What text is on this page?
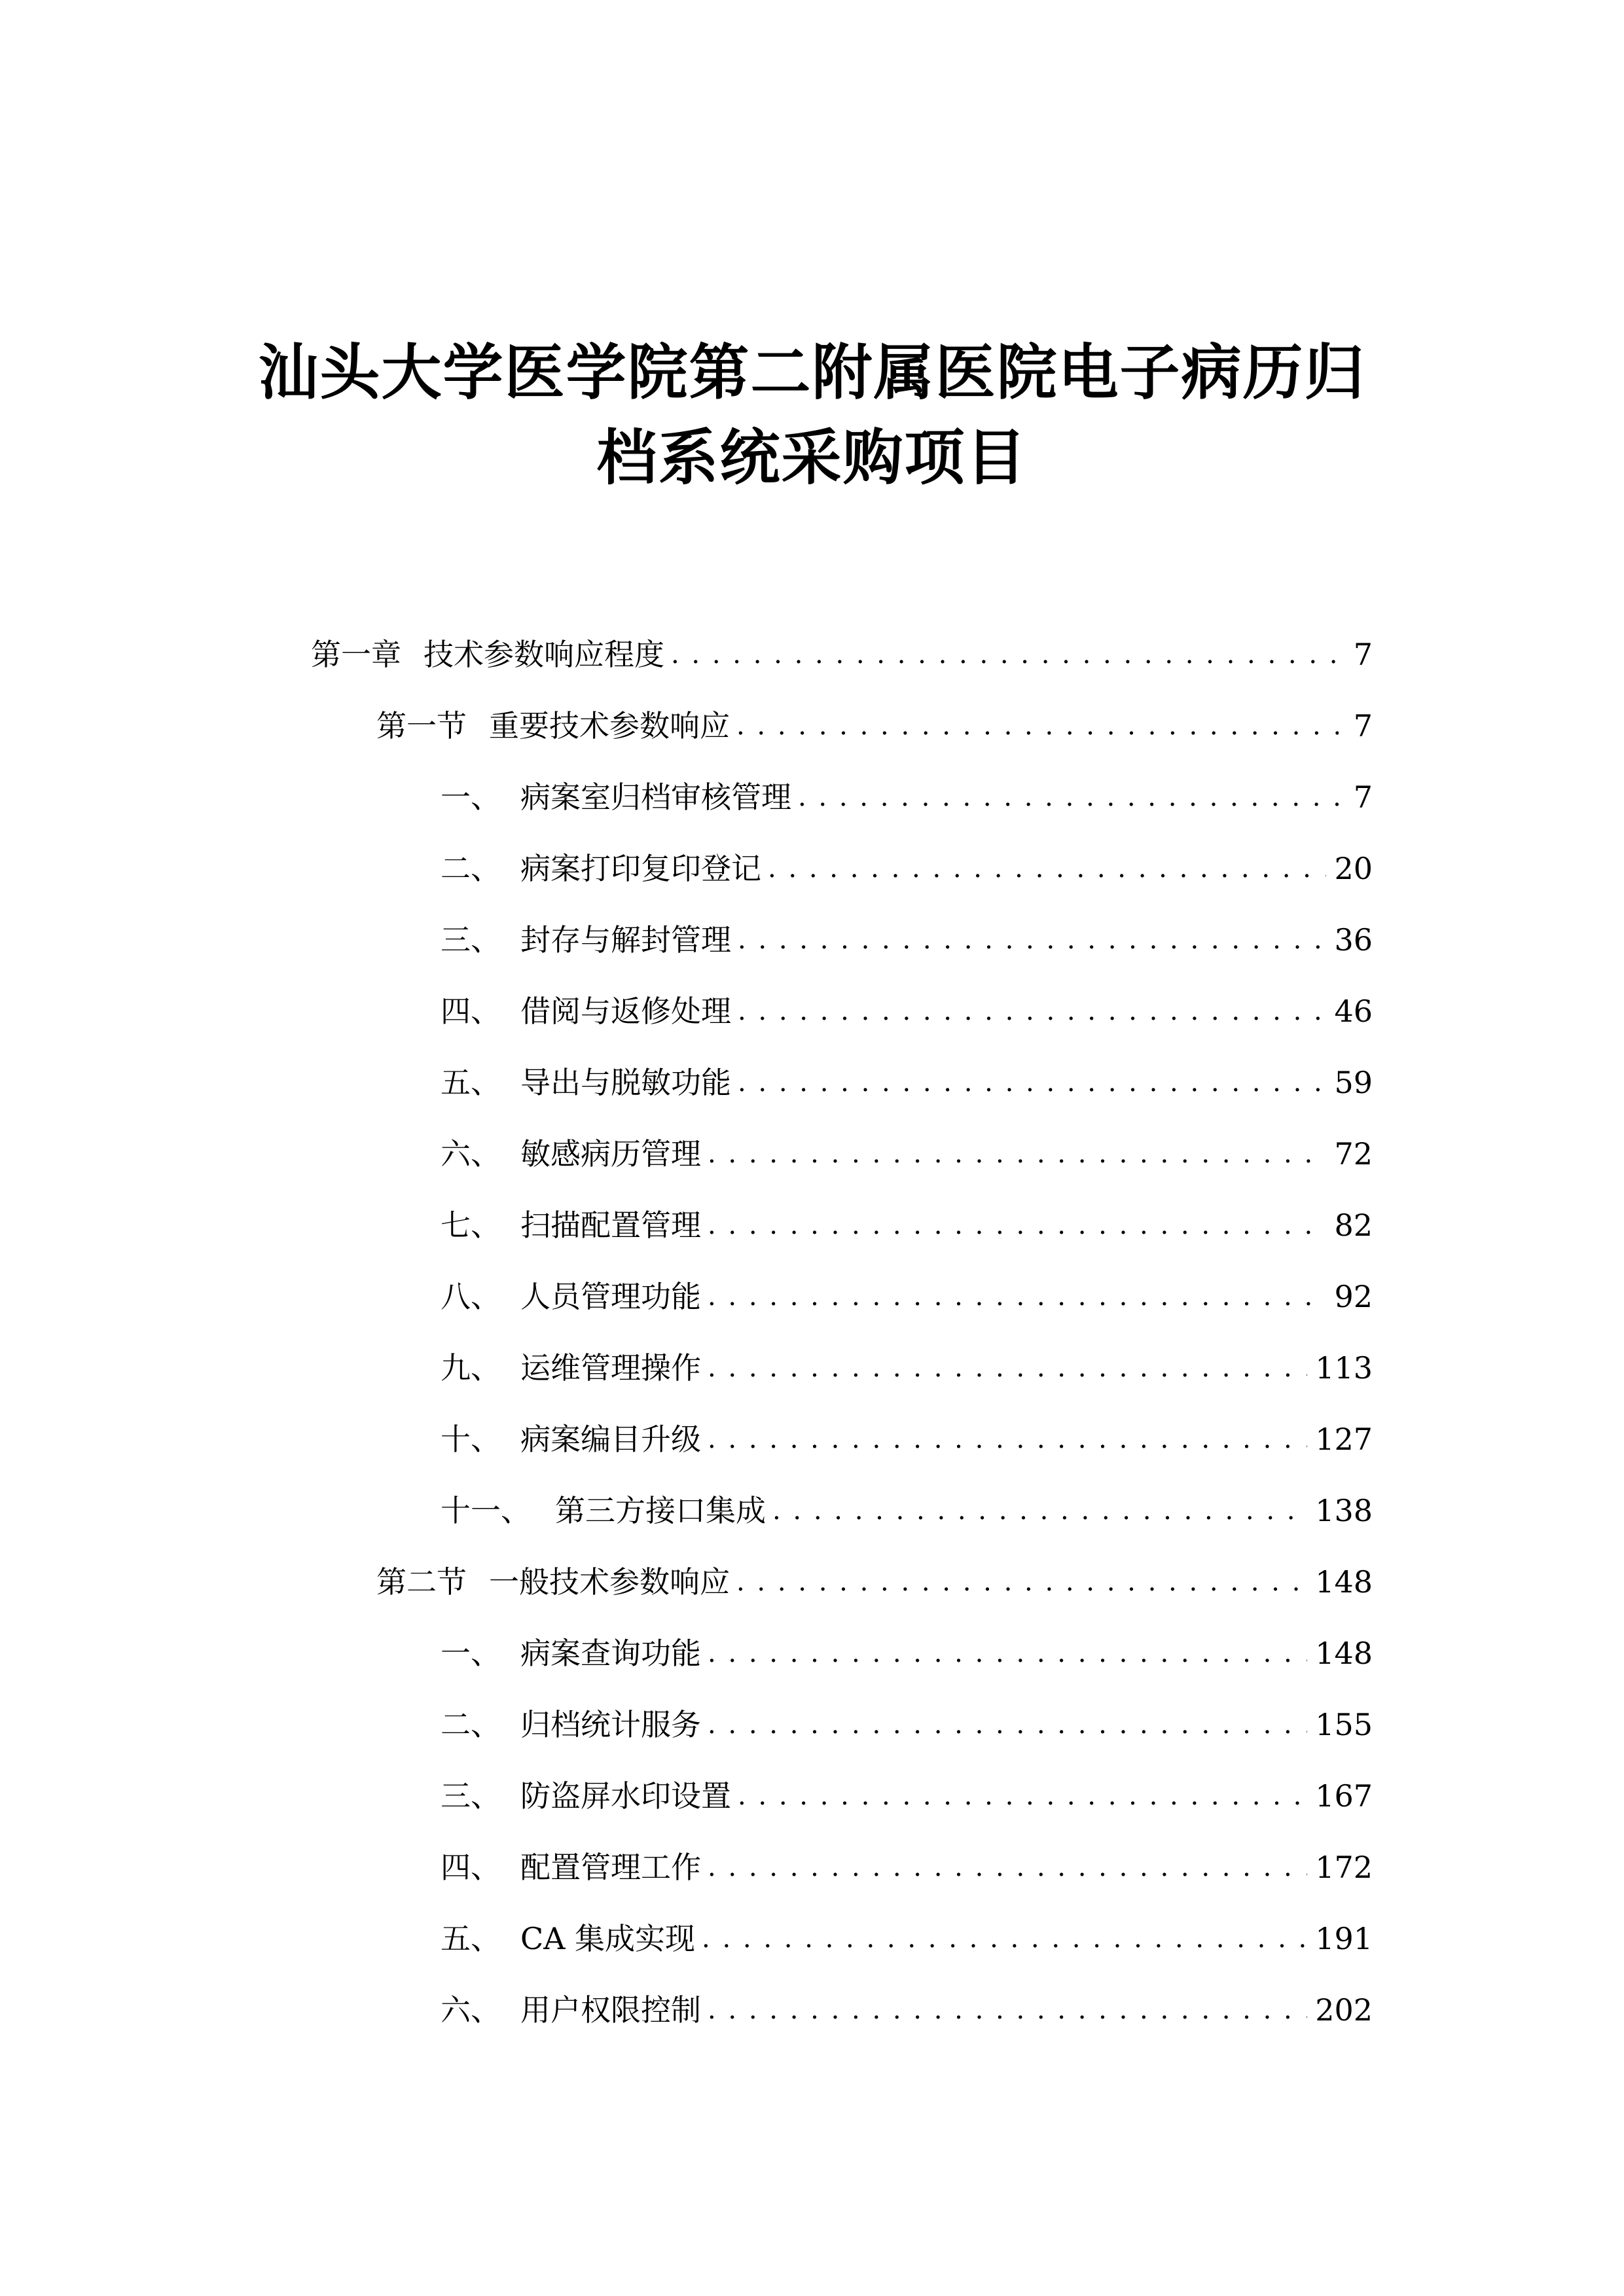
汕头大学医学院第二附属医院电子病历归
档系统采购项目
第一章 技术参数响应程度 . . .	7
第一节 重要技术参数响应 . . .	7
一、 病案室归档审核管理 . . .	7
二、 病案打印复印登记 . . .	20
三、 封存与解封管理 . . .	36
四、 借阅与返修处理 . . .	46
五、 导出与脱敏功能 . . .	59
六、 敏感病历管理 . . .	72
七、 扫描配置管理 . . .	82
八、 人员管理功能 . . .	92
九、 运维管理操作 . . .	113
十、 病案编目升级 . . .	127
十一、 第三方接口集成 . . .	138
第二节 一般技术参数响应 . . .	148
一、 病案查询功能 . . .	148
二、 归档统计服务 . . .	155
三、 防盗屏水印设置 . . .	167
四、 配置管理工作 . . .	172
五、 CA 集成实现 . . .	191
六、 用户权限控制 . . .	202
